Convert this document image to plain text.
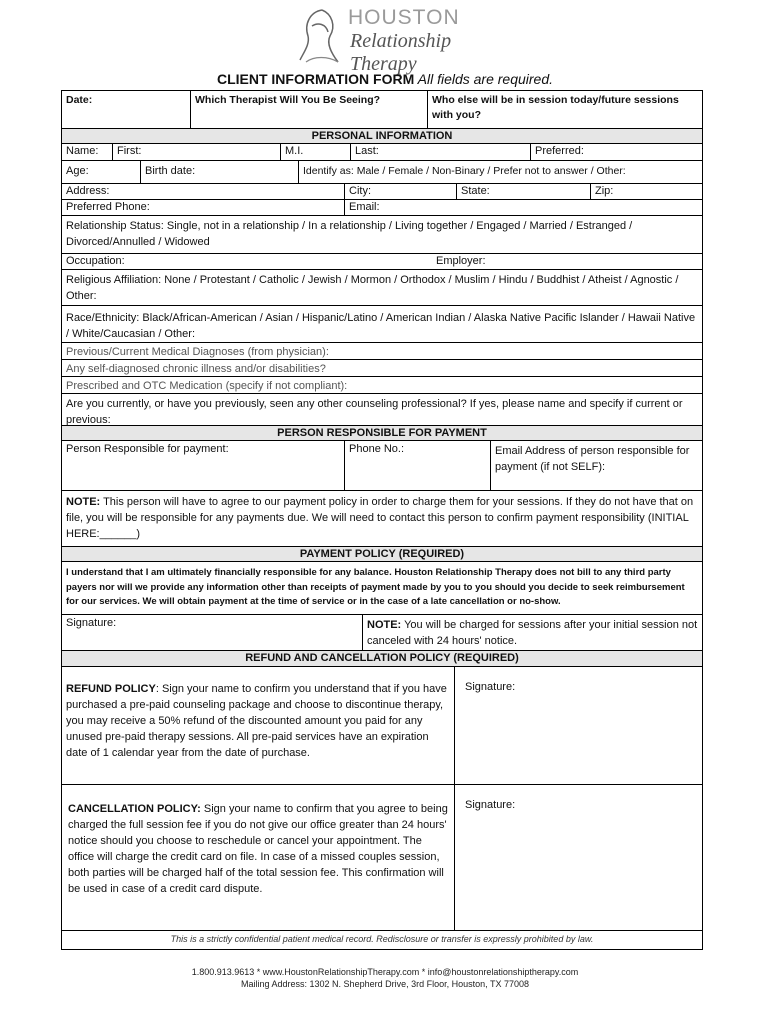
HOUSTON
Relationship Therapy
CLIENT INFORMATION FORM All fields are required.
Date:	Which Therapist Will You Be Seeing?	Who else will be in session today/future sessions with you?
PERSONAL INFORMATION
Name:	First:	M.I.	Last:	Preferred:
Age:	Birth date:	Identify as: Male / Female / Non-Binary / Prefer not to answer / Other:
Address:	City:	State:	Zip:
Preferred Phone:	Email:
Relationship Status: Single, not in a relationship / In a relationship / Living together / Engaged / Married / Estranged / Divorced/Annulled / Widowed
Occupation:	Employer:
Religious Affiliation: None / Protestant / Catholic / Jewish / Mormon / Orthodox / Muslim / Hindu / Buddhist / Atheist / Agnostic / Other:
Race/Ethnicity: Black/African-American / Asian / Hispanic/Latino / American Indian / Alaska Native Pacific Islander / Hawaii Native / White/Caucasian / Other:
Previous/Current Medical Diagnoses (from physician):
Any self-diagnosed chronic illness and/or disabilities?
Prescribed and OTC Medication (specify if not compliant):
Are you currently, or have you previously, seen any other counseling professional? If yes, please name and specify if current or previous:
PERSON RESPONSIBLE FOR PAYMENT
Person Responsible for payment:	Phone No.:	Email Address of person responsible for payment (if not SELF):
NOTE: This person will have to agree to our payment policy in order to charge them for your sessions. If they do not have that on file, you will be responsible for any payments due. We will need to contact this person to confirm payment responsibility (INITIAL HERE:______)
PAYMENT POLICY (REQUIRED)
I understand that I am ultimately financially responsible for any balance. Houston Relationship Therapy does not bill to any third party payers nor will we provide any information other than receipts of payment made by you to you should you decide to seek reimbursement for our services. We will obtain payment at the time of service or in the case of a late cancellation or no-show.
Signature:	NOTE: You will be charged for sessions after your initial session not canceled with 24 hours' notice.
REFUND AND CANCELLATION POLICY (REQUIRED)
REFUND POLICY: Sign your name to confirm you understand that if you have purchased a pre-paid counseling package and choose to discontinue therapy, you may receive a 50% refund of the discounted amount you paid for any unused pre-paid therapy sessions. All pre-paid services have an expiration date of 1 calendar year from the date of purchase.
Signature:
CANCELLATION POLICY: Sign your name to confirm that you agree to being charged the full session fee if you do not give our office greater than 24 hours' notice should you choose to reschedule or cancel your appointment. The office will charge the credit card on file. In case of a missed couples session, both parties will be charged half of the total session fee. This confirmation will be used in case of a credit card dispute.
Signature:
This is a strictly confidential patient medical record. Redisclosure or transfer is expressly prohibited by law.
1.800.913.9613 * www.HoustonRelationshipTherapy.com * info@houstonrelationshiptherapy.com
Mailing Address: 1302 N. Shepherd Drive, 3rd Floor, Houston, TX 77008
